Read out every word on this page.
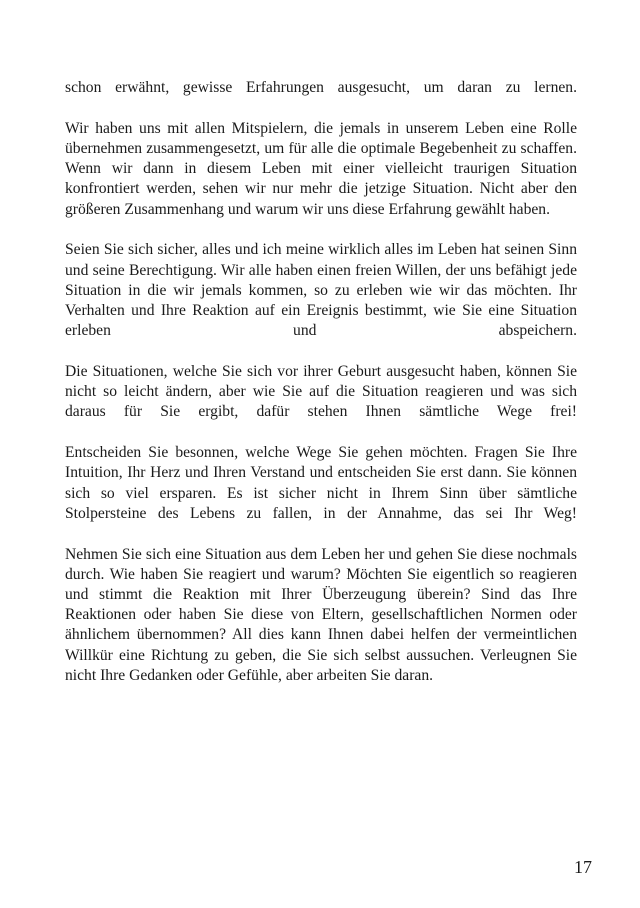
schon erwähnt, gewisse Erfahrungen ausgesucht, um daran zu lernen.

Wir haben uns mit allen Mitspielern, die jemals in unserem Leben eine Rolle übernehmen zusammengesetzt, um für alle die optimale Begebenheit zu schaffen. Wenn wir dann in diesem Leben mit einer vielleicht traurigen Situation konfrontiert werden, sehen wir nur mehr die jetzige Situation. Nicht aber den größeren Zusammenhang und warum wir uns diese Erfahrung gewählt haben.

Seien Sie sich sicher, alles und ich meine wirklich alles im Leben hat seinen Sinn und seine Berechtigung. Wir alle haben einen freien Willen, der uns befähigt jede Situation in die wir jemals kommen, so zu erleben wie wir das möchten. Ihr Verhalten und Ihre Reaktion auf ein Ereignis bestimmt, wie Sie eine Situation erleben und abspeichern.

Die Situationen, welche Sie sich vor ihrer Geburt ausgesucht haben, können Sie nicht so leicht ändern, aber wie Sie auf die Situation reagieren und was sich daraus für Sie ergibt, dafür stehen Ihnen sämtliche Wege frei!

Entscheiden Sie besonnen, welche Wege Sie gehen möchten. Fragen Sie Ihre Intuition, Ihr Herz und Ihren Verstand und entscheiden Sie erst dann. Sie können sich so viel ersparen. Es ist sicher nicht in Ihrem Sinn über sämtliche Stolpersteine des Lebens zu fallen, in der Annahme, das sei Ihr Weg!

Nehmen Sie sich eine Situation aus dem Leben her und gehen Sie diese nochmals durch. Wie haben Sie reagiert und warum? Möchten Sie eigentlich so reagieren und stimmt die Reaktion mit Ihrer Überzeugung überein? Sind das Ihre Reaktionen oder haben Sie diese von Eltern, gesellschaftlichen Normen oder ähnlichem übernommen? All dies kann Ihnen dabei helfen der vermeintlichen Willkür eine Richtung zu geben, die Sie sich selbst aussuchen. Verleugnen Sie nicht Ihre Gedanken oder Gefühle, aber arbeiten Sie daran.

17
